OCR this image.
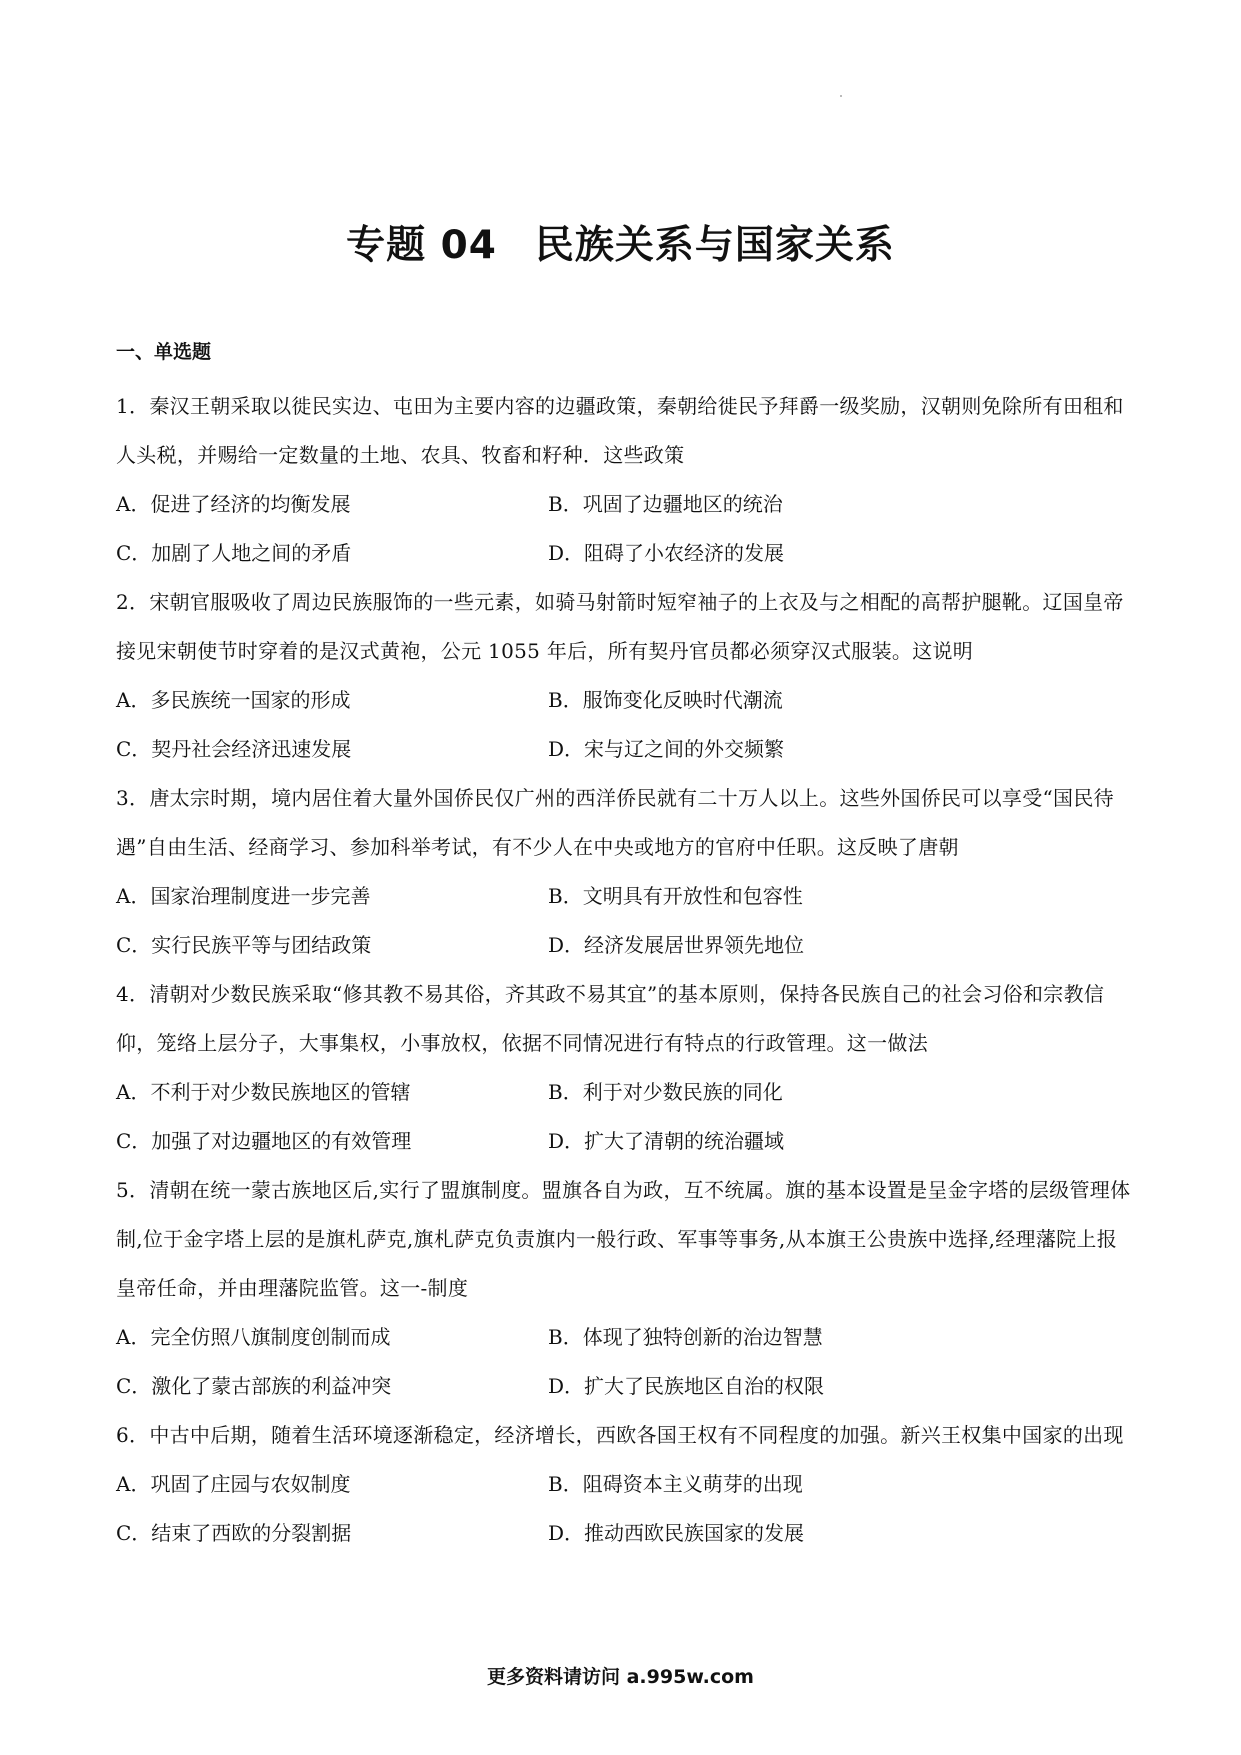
专题 04 民族关系与国家关系
一、单选题
1．秦汉王朝采取以徙民实边、屯田为主要内容的边疆政策，秦朝给徙民予拜爵一级奖励，汉朝则免除所有田租和人头税，并赐给一定数量的土地、农具、牧畜和籽种．这些政策
A．促进了经济的均衡发展	B．巩固了边疆地区的统治
C．加剧了人地之间的矛盾	D．阻碍了小农经济的发展
2．宋朝官服吸收了周边民族服饰的一些元素，如骑马射箭时短窄袖子的上衣及与之相配的高帮护腿靴。辽国皇帝接见宋朝使节时穿着的是汉式黄袍，公元 1055 年后，所有契丹官员都必须穿汉式服装。这说明
A．多民族统一国家的形成	B．服饰变化反映时代潮流
C．契丹社会经济迅速发展	D．宋与辽之间的外交频繁
3．唐太宗时期，境内居住着大量外国侨民仅广州的西洋侨民就有二十万人以上。这些外国侨民可以享受“国民待遇”自由生活、经商学习、参加科举考试，有不少人在中央或地方的官府中任职。这反映了唐朝
A．国家治理制度进一步完善	B．文明具有开放性和包容性
C．实行民族平等与团结政策	D．经济发展居世界领先地位
4．清朝对少数民族采取“修其教不易其俗，齐其政不易其宜”的基本原则，保持各民族自己的社会习俗和宗教信仰，笼络上层分子，大事集权，小事放权，依据不同情况进行有特点的行政管理。这一做法
A．不利于对少数民族地区的管辖	B．利于对少数民族的同化
C．加强了对边疆地区的有效管理	D．扩大了清朝的统治疆域
5．清朝在统一蒙古族地区后,实行了盟旗制度。盟旗各自为政，互不统属。旗的基本设置是呈金字塔的层级管理体制,位于金字塔上层的是旗札萨克,旗札萨克负责旗内一般行政、军事等事务,从本旗王公贵族中选择,经理藩院上报皇帝任命，并由理藩院监管。这一-制度
A．完全仿照八旗制度创制而成	B．体现了独特创新的治边智慧
C．激化了蒙古部族的利益冲突	D．扩大了民族地区自治的权限
6．中古中后期，随着生活环境逐渐稳定，经济增长，西欧各国王权有不同程度的加强。新兴王权集中国家的出现
A．巩固了庄园与农奴制度	B．阻碍资本主义萌芽的出现
C．结束了西欧的分裂割据	D．推动西欧民族国家的发展
更多资料请访问 a.995w.com
